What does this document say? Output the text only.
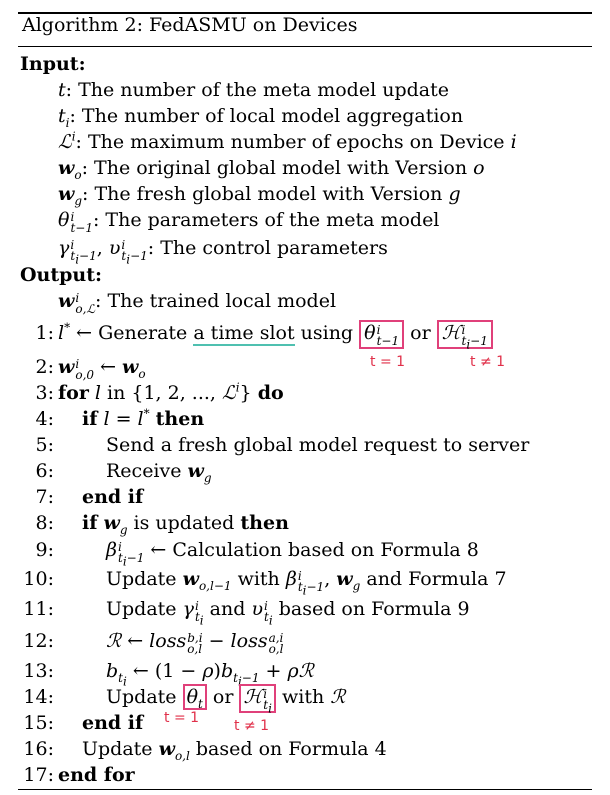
Algorithm 2: FedASMU on Devices
Input:
t: The number of the meta model update
$t_i$: The number of local model aggregation
ℒ$^i$: The maximum number of epochs on Device i
$w_o$: The original global model with Version o
$w_g$: The fresh global model with Version g
θ i
t−1 : The parameters of the meta model
γ i
$t_i-1$ , υ i
$t_i-1$ : The control parameters
Output:
w i
o,ℒ : The trained local model
1: l* ← Generate a time slot using θ i
t−1 or ℋ i
$t_i-1$
t = 1	t ≠ 1
2: w i
o,0 ← $w_o$
3: for l in {1, 2, ..., ℒ$^i$} do
4: if l = l* then
5:	Send a fresh global model request to server
6:	Receive $w_g$
7: end if
8: if $w_g$ is updated then
9:	β i
$t_i-1$ ← Calculation based on Formula 8
10:	Update $w_{o,l-1}$ with β i
$t_i-1$ , $w_g$ and Formula 7
11:	Update γ i
$t_i$
and υ i
$t_i$
based on Formula 9
12:	ℛ ← loss b,i
o,l − loss a,i
o,l
13:	$b_{t_i}$ ← $(1 - \rho)b_{t_i-1}$ + ρℛ
14:	Update $\theta_t$ or ℋ i
$t_i$
with ℛ
15: end if t = 1 t ≠ 1
16: Update $w_{o,l}$ based on Formula 4
17: end for
